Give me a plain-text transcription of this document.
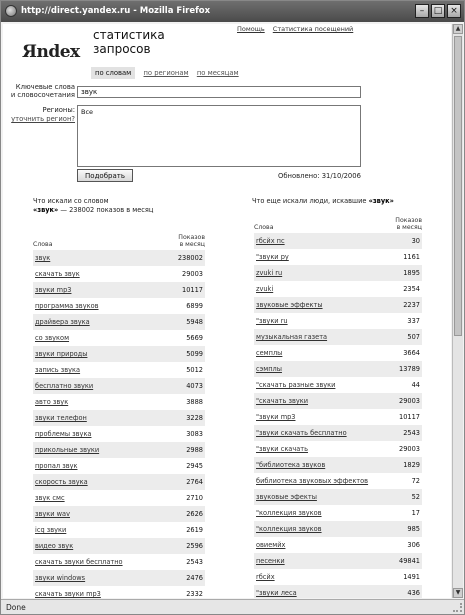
http://direct.yandex.ru - Mozilla Firefox	–	□ ×
Яndex
статистика
запросов
Помощь Статистика посещений
по словам по регионам по месяцам
Ключевые слова
и словосочетания
звук
Регионы:
уточнить регион?
Все
Подобрать	Обновлено: 31/10/2006
Что искали со словом
«звук» — 238002 показов в месяц
Что еще искали люди, искавшие «звук»
Слова
Показов
в месяц
Слова
Показов
в месяц
звук	238002
скачать звук	29003
звуки mp3	10117
программа звуков	6899
драйвера звука	5948
со звуком	5669
звуки природы	5099
запись звука	5012
бесплатно звуки	4073
авто звук	3888
звуки телефон	3228
проблемы звука	3083
прикольные звуки	2988
пропал звук	2945
скорость звука	2764
звук смс	2710
звуки wav	2626
icq звуки	2619
видео звук	2596
скачать звуки бесплатно	2543
звуки windows	2476
скачать звуки mp3	2332
rбсйх пс	30
"звуки ру	1161
zvuki ru	1895
zvuki	2354
звуковые эффекты	2237
"звуки ru	337
музыкальная газета	507
семплы	3664
сэмплы	13789
"скачать разные звуки	44
"скачать звуки	29003
"звуки mp3	10117
"звуки скачать бесплатно	2543
"звуки скачать	29003
"библиотека звуков	1829
библиотека звуковых эффектов	72
звуковые эфекты	52
"коллекция звуков	17
"коллекция звуков	985
овиемйх	306
песенки	49841
rбсйх	1491
"звуки леса	436
▲
▼
Done
